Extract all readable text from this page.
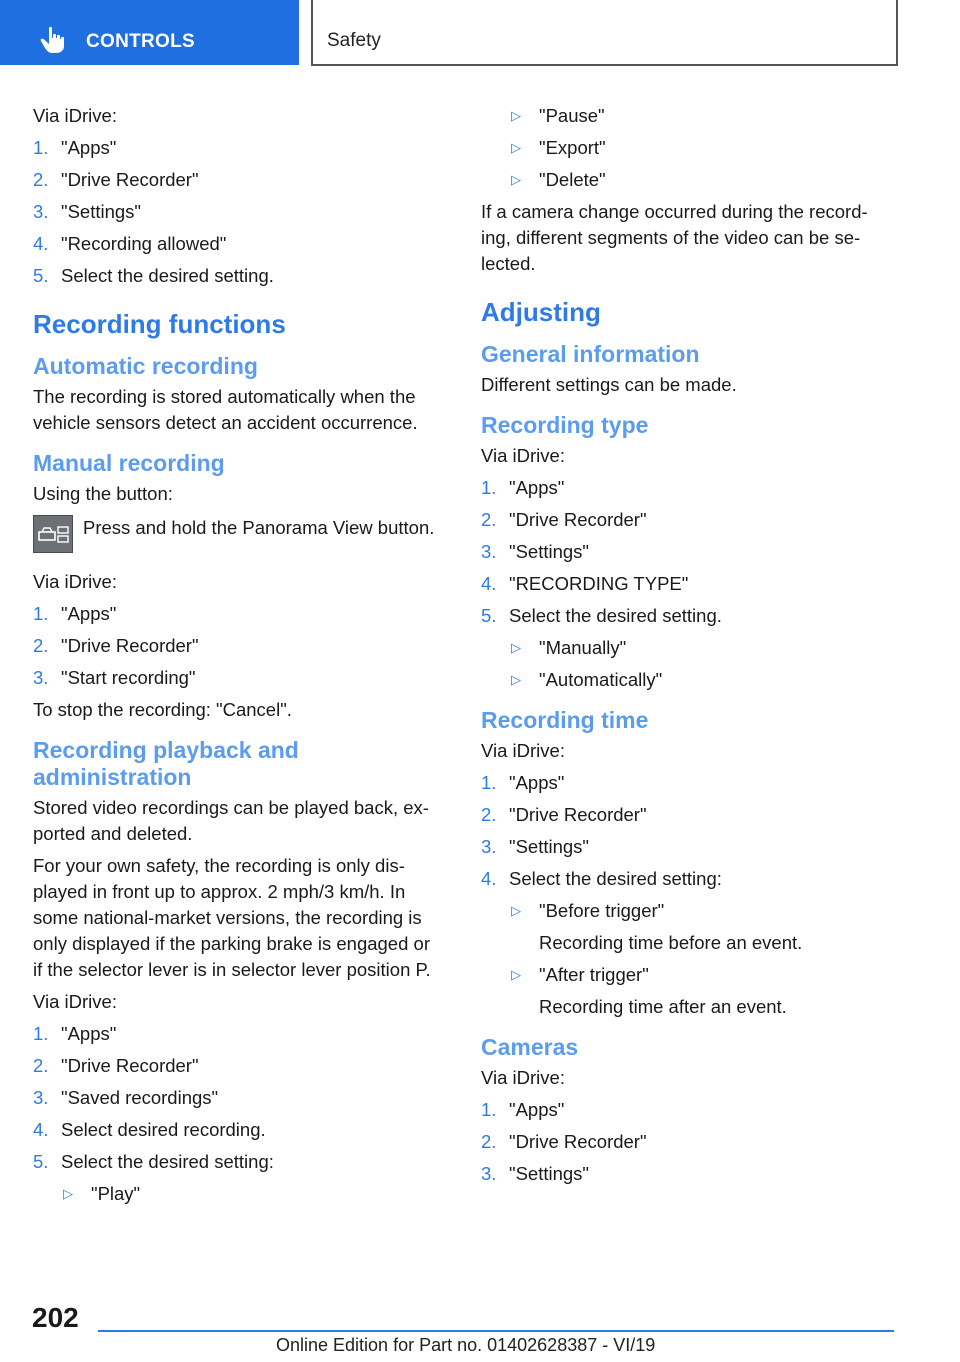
CONTROLS	Safety

Via iDrive:

1. "Apps"
2. "Drive Recorder"
3. "Settings"
4. "Recording allowed"
5. Select the desired setting.
Recording functions
Automatic recording

The recording is stored automatically when the vehicle sensors detect an accident occurrence.

Manual recording

Using the button:

Press and hold the Panorama View button.

Via iDrive:

1. "Apps"
2. "Drive Recorder"
3. "Start recording"

To stop the recording: "Cancel".

Recording playback and administration

Stored video recordings can be played back, ex-ported and deleted.

For your own safety, the recording is only dis-played in front up to approx. 2 mph/3 km/h. In some national-market versions, the recording is only displayed if the parking brake is engaged or if the selector lever is in selector lever position P.

Via iDrive:

1. "Apps"
2. "Drive Recorder"
3. "Saved recordings"
4. Select desired recording.
5. Select the desired setting:
▷ "Play"
▷ "Pause"
▷ "Export"
▷ "Delete"

If a camera change occurred during the record-ing, different segments of the video can be se-lected.

Adjusting
General information

Different settings can be made.

Recording type

Via iDrive:

1. "Apps"
2. "Drive Recorder"
3. "Settings"
4. "RECORDING TYPE"
5. Select the desired setting.
▷ "Manually"
▷ "Automatically"
Recording time

Via iDrive:

1. "Apps"
2. "Drive Recorder"
3. "Settings"
4. Select the desired setting:
▷ "Before trigger"

Recording time before an event.

▷ "After trigger"

Recording time after an event.

Cameras

Via iDrive:

1. "Apps"
2. "Drive Recorder"
3. "Settings"
202
Online Edition for Part no. 01402628387 - VI/19
